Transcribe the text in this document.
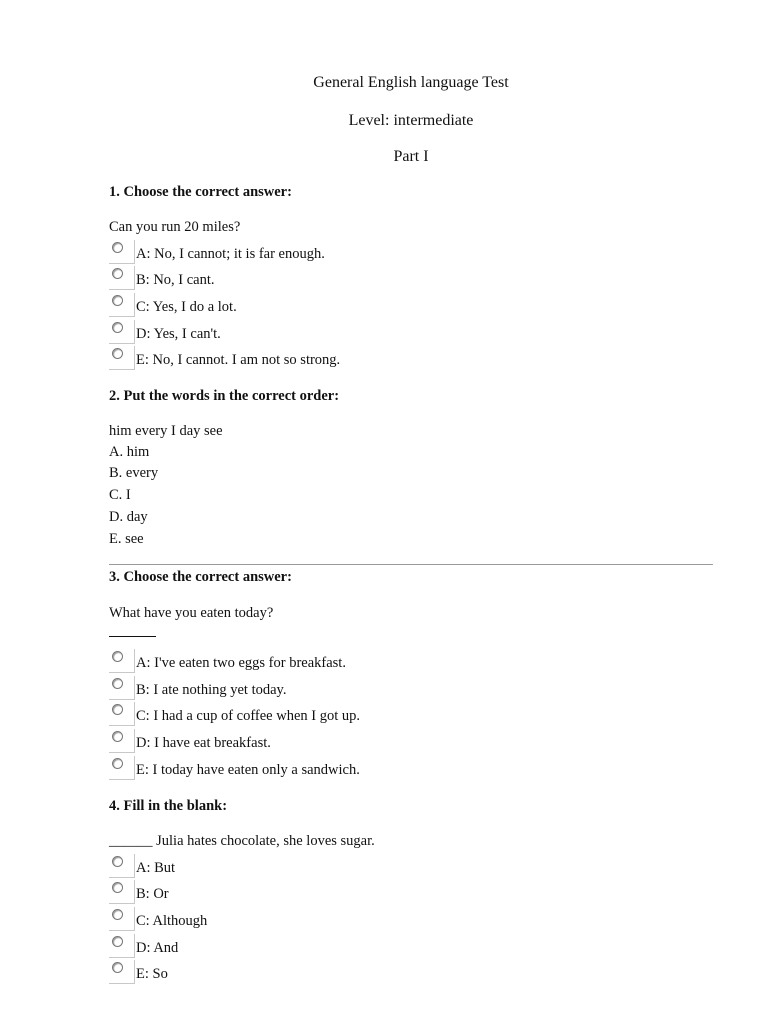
General English language Test
Level: intermediate
Part I
1. Choose the correct answer:
Can you run 20 miles?
A: No, I cannot; it is far enough.
B: No, I cant.
C: Yes, I do a lot.
D: Yes, I can't.
E: No, I cannot. I am not so strong.
2. Put the words in the correct order:
him every I day see
A. him
B. every
C. I
D. day
E. see
3. Choose the correct answer:
What have you eaten today?
A: I've eaten two eggs for breakfast.
B: I ate nothing yet today.
C: I had a cup of coffee when I got up.
D: I have eat breakfast.
E: I today have eaten only a sandwich.
4. Fill in the blank:
______ Julia hates chocolate, she loves sugar.
A: But
B: Or
C: Although
D: And
E: So
